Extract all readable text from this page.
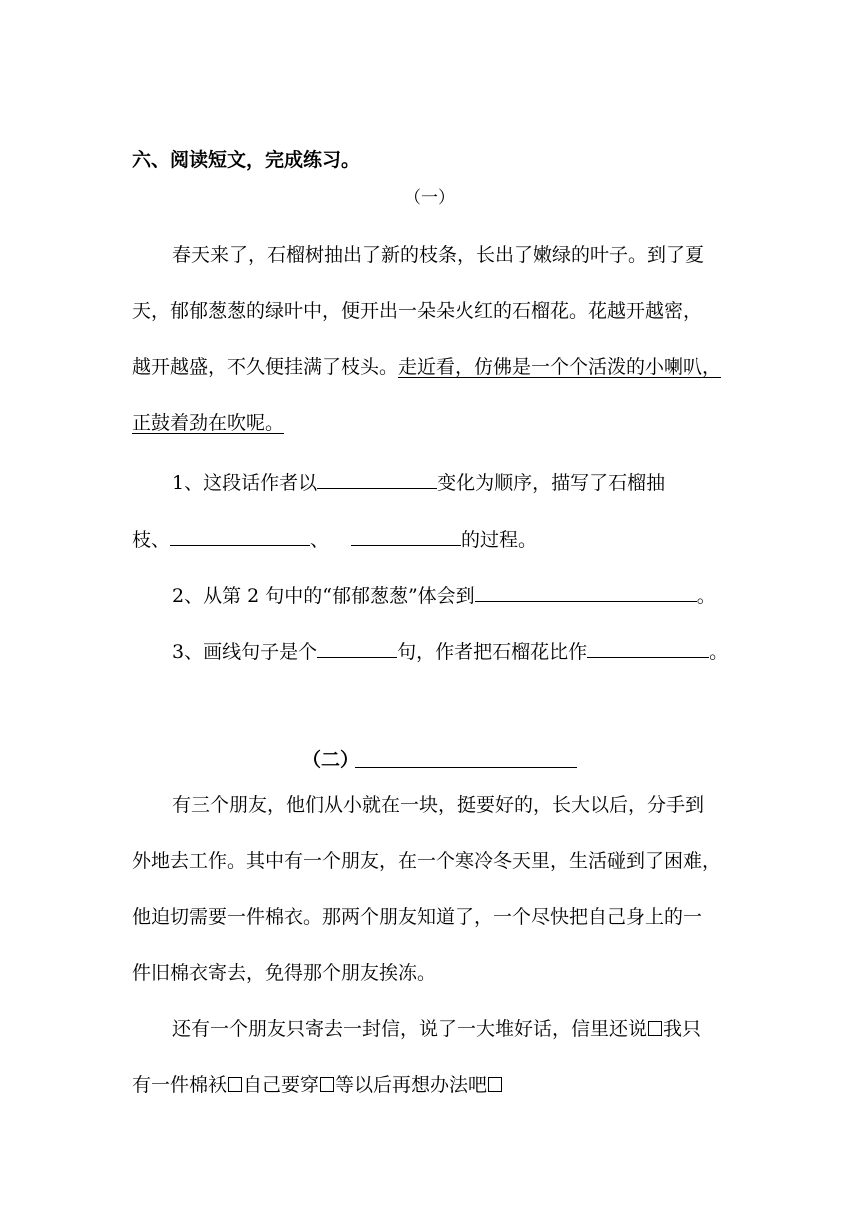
六、阅读短文，完成练习。
（一）
春天来了，石榴树抽出了新的枝条，长出了嫩绿的叶子。到了夏
天，郁郁葱葱的绿叶中，便开出一朵朵火红的石榴花。花越开越密，
越开越盛，不久便挂满了枝头。走近看，仿佛是一个个活泼的小喇叭，
正鼓着劲在吹呢。
1、这段话作者以	变化为顺序，描写了石榴抽
枝、	、	的过程。
2、从第 2 句中的“郁郁葱葱”体会到	。
3、画线句子是个	句，作者把石榴花比作	。
（二）
有三个朋友，他们从小就在一块，挺要好的，长大以后，分手到
外地去工作。其中有一个朋友，在一个寒冷冬天里，生活碰到了困难，
他迫切需要一件棉衣。那两个朋友知道了，一个尽快把自己身上的一
件旧棉衣寄去，免得那个朋友挨冻。
还有一个朋友只寄去一封信，说了一大堆好话，信里还说 我只
有一件棉袄 自己要穿 等以后再想办法吧
